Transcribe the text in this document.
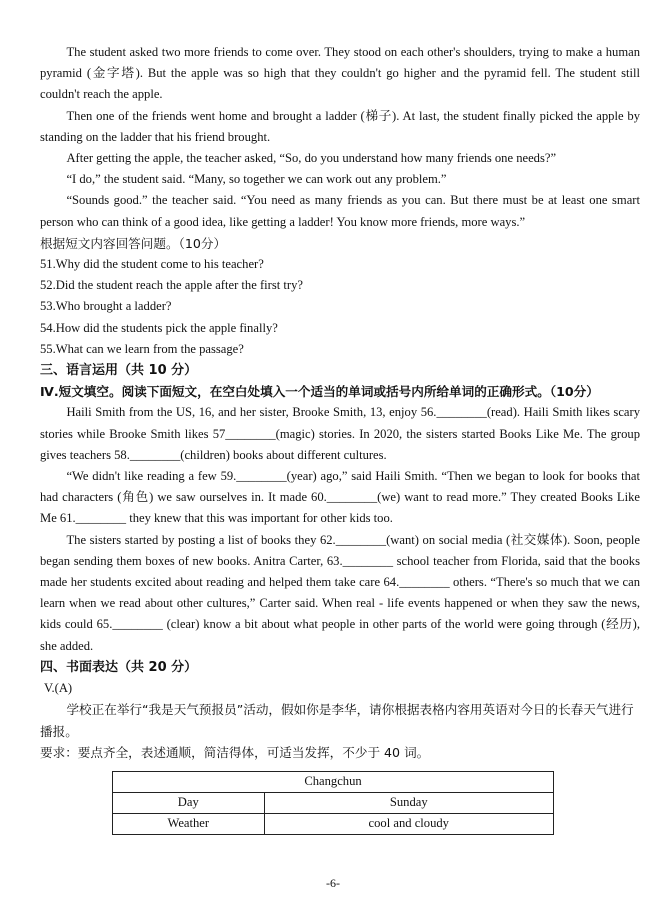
The student asked two more friends to come over. They stood on each other's shoulders, trying to make a human pyramid (金字塔). But the apple was so high that they couldn't go higher and the pyramid fell. The student still couldn't reach the apple.

Then one of the friends went home and brought a ladder (梯子). At last, the student finally picked the apple by standing on the ladder that his friend brought.

After getting the apple, the teacher asked, “So, do you understand how many friends one needs?”

“I do,” the student said. “Many, so together we can work out any problem.”

“Sounds good.” the teacher said. “You need as many friends as you can. But there must be at least one smart person who can think of a good idea, like getting a ladder! You know more friends, more ways.”

根据短文内容回答问题。（10分）

51.Why did the student come to his teacher?

52.Did the student reach the apple after the first try?

53.Who brought a ladder?

54.How did the students pick the apple finally?

55.What can we learn from the passage?

三、语言运用（共 10 分）

Ⅳ.短文填空。阅读下面短文，在空白处填入一个适当的单词或括号内所给单词的正确形式。（10分）

Haili Smith from the US, 16, and her sister, Brooke Smith, 13, enjoy 56.________(read). Haili Smith likes scary stories while Brooke Smith likes 57________(magic) stories. In 2020, the sisters started Books Like Me. The group gives teachers 58.________(children) books about different cultures.

“We didn't like reading a few 59.________(year) ago,” said Haili Smith. “Then we began to look for books that had characters (角色) we saw ourselves in. It made 60.________(we) want to read more.” They created Books Like Me 61.________ they knew that this was important for other kids too.

The sisters started by posting a list of books they 62.________(want) on social media (社交媒体). Soon, people began sending them boxes of new books. Anitra Carter, 63.________ school teacher from Florida, said that the books made her students excited about reading and helped them take care 64.________ others. “There's so much that we can learn when we read about other cultures,” Carter said. When real - life events happened or when they saw the news, kids could 65.________ (clear) know a bit about what people in other parts of the world were going through (经历), she added.

四、书面表达（共 20 分）

V.(A)

学校正在举行“我是天气预报员”活动，假如你是李华，请你根据表格内容用英语对今日的长春天气进行播报。

要求：要点齐全，表述通顺，简洁得体，可适当发挥，不少于 40 词。

Changchun	
Day	Sunday
Weather	cool and cloudy
-6-
